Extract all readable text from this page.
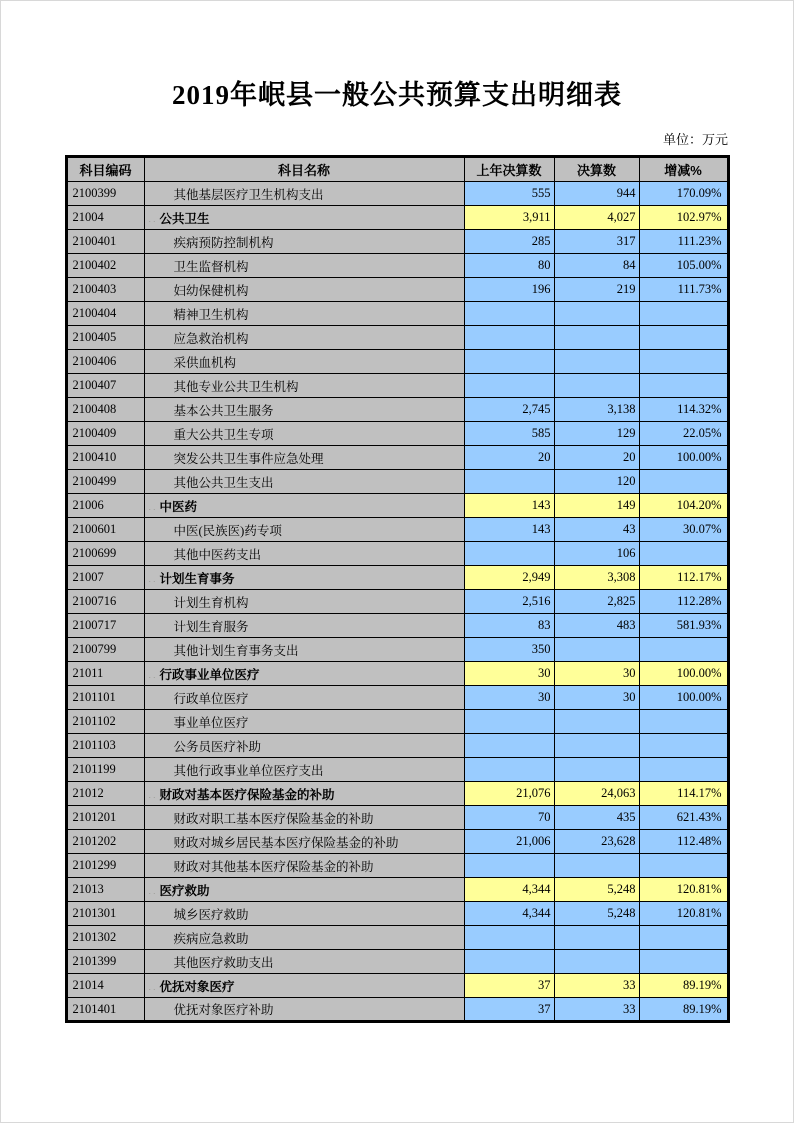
2019年岷县一般公共预算支出明细表
单位：万元
科目编码	科目名称	上年决算数	决算数	增减%
2100399	其他基层医疗卫生机构支出	555	944	170.09%
21004	.. 公共卫生	3,911	4,027	102.97%
2100401	疾病预防控制机构	285	317	111.23%
2100402	卫生监督机构	80	84	105.00%
2100403	妇幼保健机构	196	219	111.73%
2100404	精神卫生机构			
2100405	应急救治机构			
2100406	采供血机构			
2100407	其他专业公共卫生机构			
2100408	基本公共卫生服务	2,745	3,138	114.32%
2100409	重大公共卫生专项	585	129	22.05%
2100410	突发公共卫生事件应急处理	20	20	100.00%
2100499	其他公共卫生支出		120	
21006	.. 中医药	143	149	104.20%
2100601	中医(民族医)药专项	143	43	30.07%
2100699	其他中医药支出		106	
21007	.. 计划生育事务	2,949	3,308	112.17%
2100716	计划生育机构	2,516	2,825	112.28%
2100717	计划生育服务	83	483	581.93%
2100799	其他计划生育事务支出	350		
21011	.. 行政事业单位医疗	30	30	100.00%
2101101	行政单位医疗	30	30	100.00%
2101102	事业单位医疗			
2101103	公务员医疗补助			
2101199	其他行政事业单位医疗支出			
21012	.. 财政对基本医疗保险基金的补助	21,076	24,063	114.17%
2101201	财政对职工基本医疗保险基金的补助	70	435	621.43%
2101202	财政对城乡居民基本医疗保险基金的补助	21,006	23,628	112.48%
2101299	财政对其他基本医疗保险基金的补助			
21013	.. 医疗救助	4,344	5,248	120.81%
2101301	城乡医疗救助	4,344	5,248	120.81%
2101302	疾病应急救助			
2101399	其他医疗救助支出			
21014	.. 优抚对象医疗	37	33	89.19%
2101401	优抚对象医疗补助	37	33	89.19%
